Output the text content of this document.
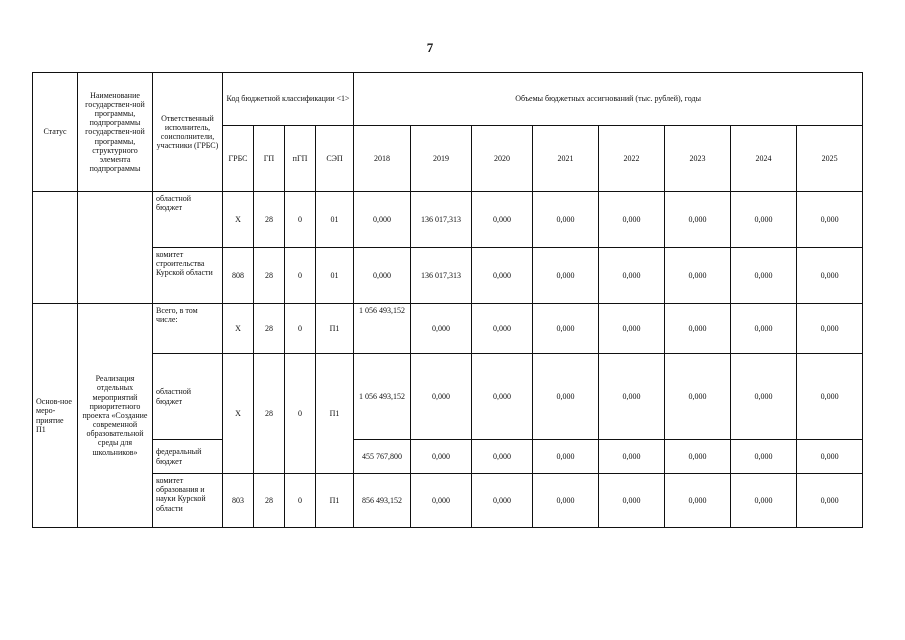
7
Статус	Наименование государствен-ной программы, подпрограммы государствен-ной программы, структурного элемента подпрограммы	Ответственный исполнитель, соисполнители, участники (ГРБС)	Код бюджетной классификации <1>				Объемы бюджетных ассигнований (тыс. рублей), годы							
			ГРБС	ГП	пГП	СЭП	2018	2019	2020	2021	2022	2023	2024	2025
		областной бюджет	Х	28	0	01	0,000	136 017,313	0,000	0,000	0,000	0,000	0,000	0,000
		комитет строительства Курской области	808	28	0	01	0,000	136 017,313	0,000	0,000	0,000	0,000	0,000	0,000
Основ-ное меро-приятие П1	Реализация отдельных мероприятий приоритетного проекта «Создание современной образовательной среды для школьников»	Всего, в том числе:	Х	28	0	П1	1 056 493,152	0,000	0,000	0,000	0,000	0,000	0,000	0,000
		областной бюджет	Х	28	0	П1	1 056 493,152	0,000	0,000	0,000	0,000	0,000	0,000	0,000
		федеральный бюджет					455 767,800	0,000	0,000	0,000	0,000	0,000	0,000	0,000
		комитет образования и науки Курской области	803	28	0	П1	856 493,152	0,000	0,000	0,000	0,000	0,000	0,000	0,000
